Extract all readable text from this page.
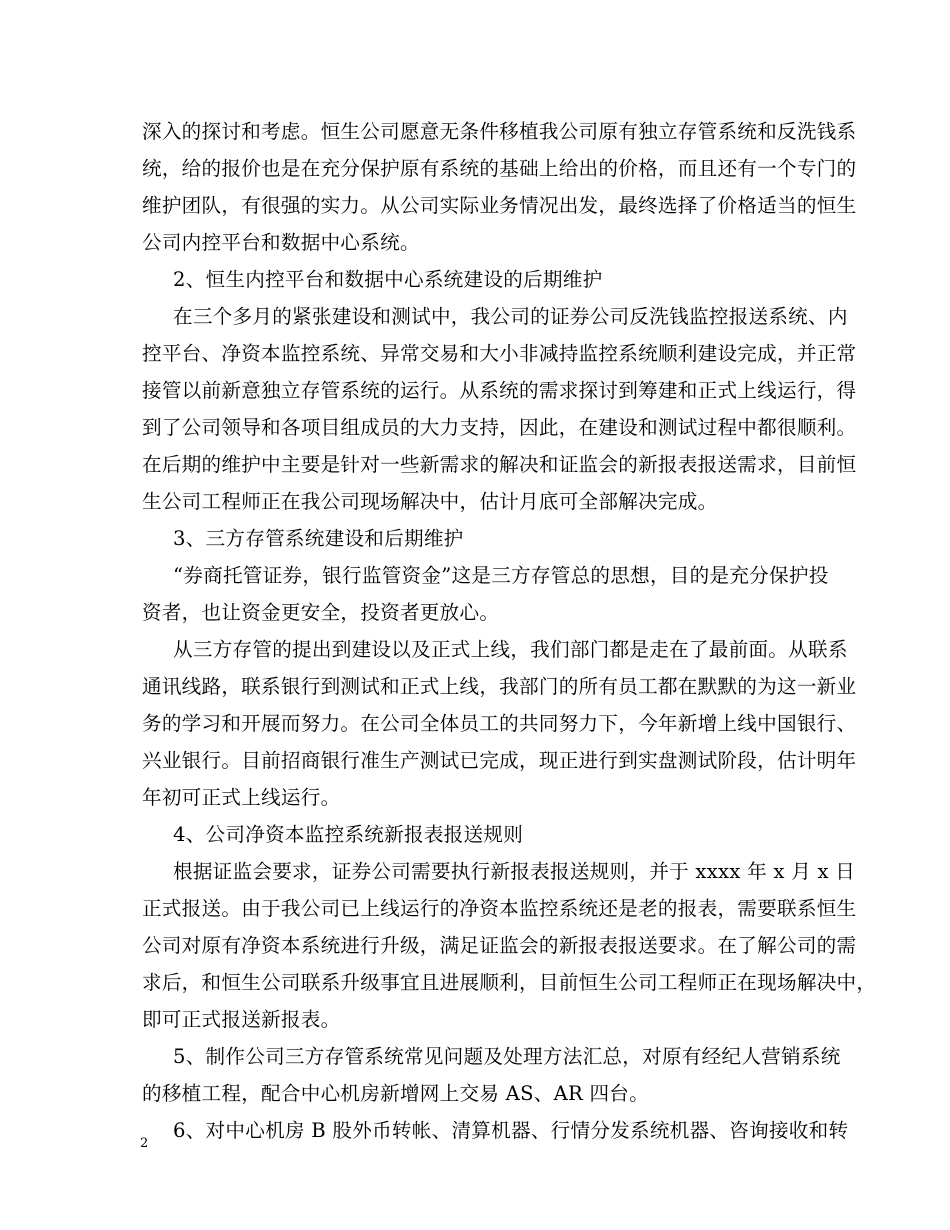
深入的探讨和考虑。恒生公司愿意无条件移植我公司原有独立存管系统和反洗钱系
统，给的报价也是在充分保护原有系统的基础上给出的价格，而且还有一个专门的
维护团队，有很强的实力。从公司实际业务情况出发，最终选择了价格适当的恒生
公司内控平台和数据中心系统。
2、恒生内控平台和数据中心系统建设的后期维护
在三个多月的紧张建设和测试中，我公司的证券公司反洗钱监控报送系统、内
控平台、净资本监控系统、异常交易和大小非减持监控系统顺利建设完成，并正常
接管以前新意独立存管系统的运行。从系统的需求探讨到筹建和正式上线运行，得
到了公司领导和各项目组成员的大力支持，因此，在建设和测试过程中都很顺利。
在后期的维护中主要是针对一些新需求的解决和证监会的新报表报送需求，目前恒
生公司工程师正在我公司现场解决中，估计月底可全部解决完成。
3、三方存管系统建设和后期维护
“券商托管证券，银行监管资金”这是三方存管总的思想，目的是充分保护投
资者，也让资金更安全，投资者更放心。
从三方存管的提出到建设以及正式上线，我们部门都是走在了最前面。从联系
通讯线路，联系银行到测试和正式上线，我部门的所有员工都在默默的为这一新业
务的学习和开展而努力。在公司全体员工的共同努力下，今年新增上线中国银行、
兴业银行。目前招商银行准生产测试已完成，现正进行到实盘测试阶段，估计明年
年初可正式上线运行。
4、公司净资本监控系统新报表报送规则
根据证监会要求，证券公司需要执行新报表报送规则，并于 xxxx 年 x 月 x 日
正式报送。由于我公司已上线运行的净资本监控系统还是老的报表，需要联系恒生
公司对原有净资本系统进行升级，满足证监会的新报表报送要求。在了解公司的需
求后，和恒生公司联系升级事宜且进展顺利，目前恒生公司工程师正在现场解决中，
即可正式报送新报表。
5、制作公司三方存管系统常见问题及处理方法汇总，对原有经纪人营销系统
的移植工程，配合中心机房新增网上交易 AS、AR 四台。
6、对中心机房 B 股外币转帐、清算机器、行情分发系统机器、咨询接收和转
2
